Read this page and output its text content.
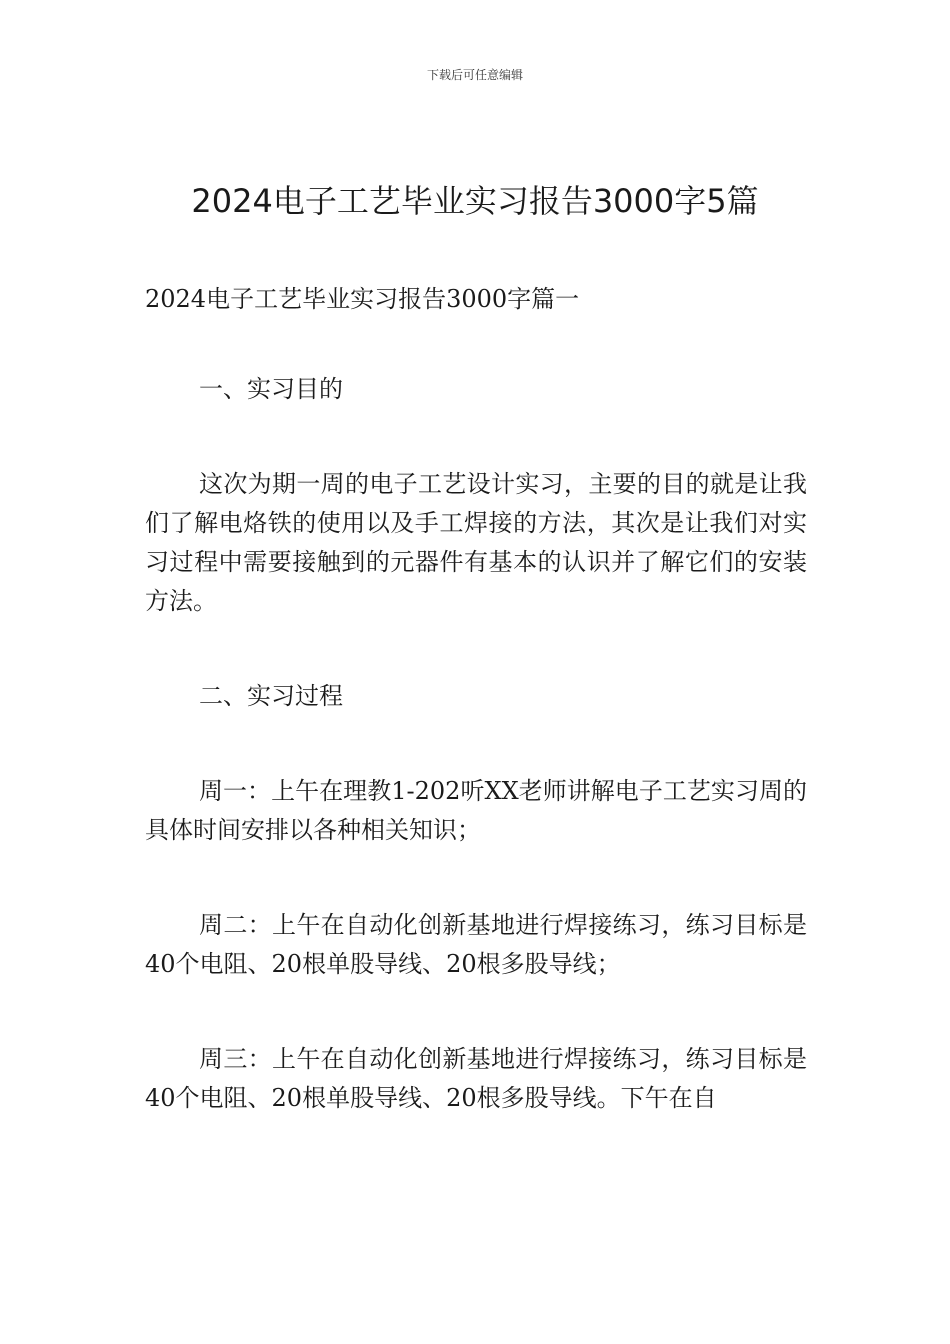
下载后可任意编辑
2024电子工艺毕业实习报告3000字5篇

2024电子工艺毕业实习报告3000字篇一

一、实习目的

这次为期一周的电子工艺设计实习，主要的目的就是让我们了解电烙铁的使用以及手工焊接的方法，其次是让我们对实习过程中需要接触到的元器件有基本的认识并了解它们的安装方法。

二、实习过程

周一：上午在理教1-202听XX老师讲解电子工艺实习周的具体时间安排以各种相关知识；

周二：上午在自动化创新基地进行焊接练习，练习目标是40个电阻、20根单股导线、20根多股导线；

周三：上午在自动化创新基地进行焊接练习，练习目标是40个电阻、20根单股导线、20根多股导线。下午在自
